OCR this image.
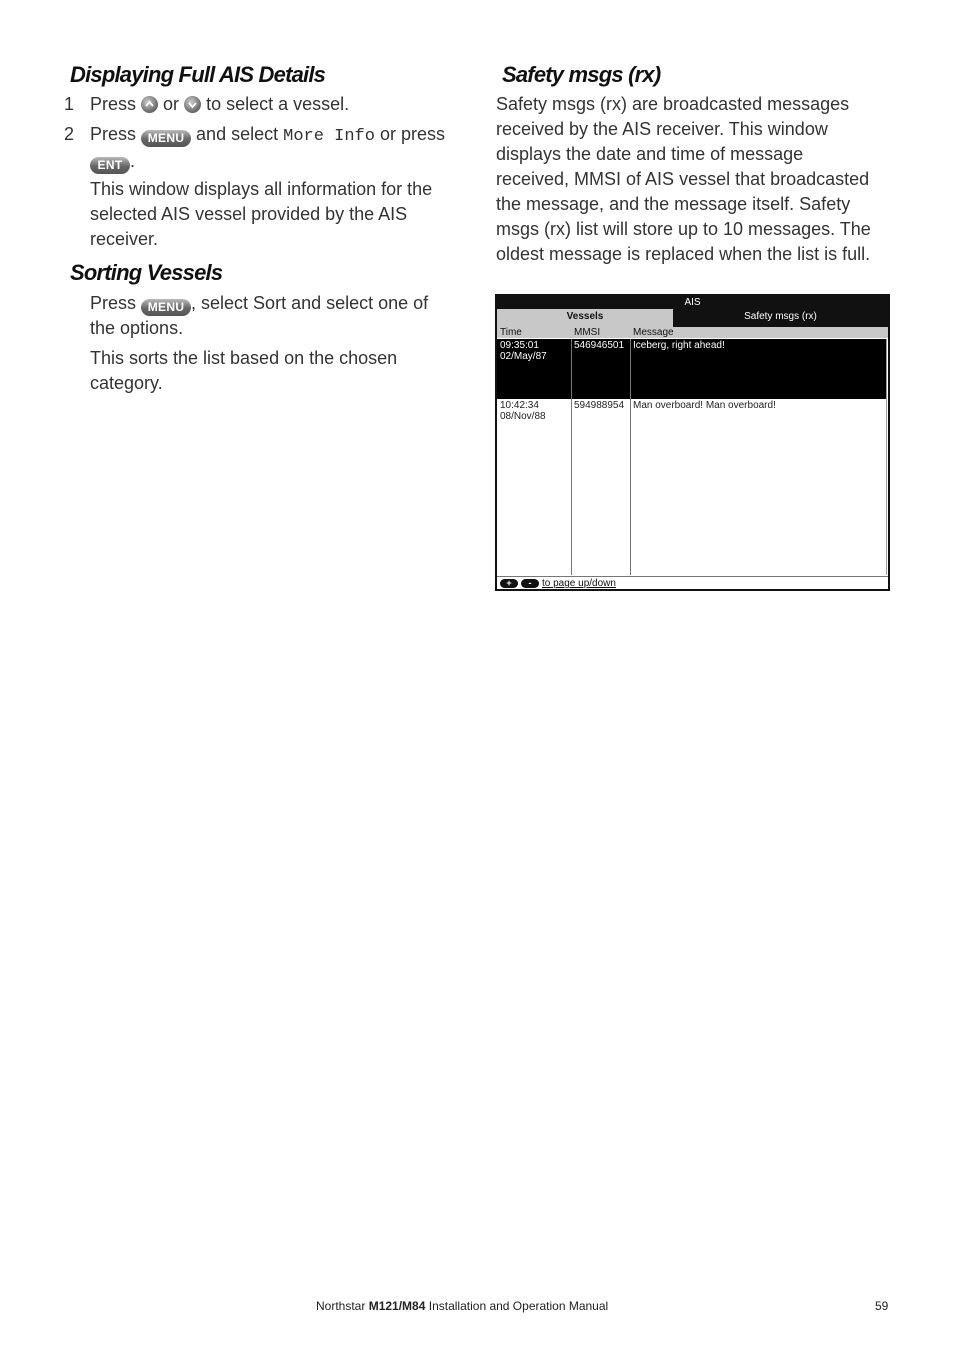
Displaying Full AIS Details
1 Press or to select a vessel.
2 Press MENU and select More Info or press
ENT .

This window displays all information for the selected AIS vessel provided by the AIS receiver.

Sorting Vessels

Press MENU , select Sort and select one of the options.

This sorts the list based on the chosen category.

Safety msgs (rx)

Safety msgs (rx) are broadcasted messages received by the AIS receiver. This window displays the date and time of message received, MMSI of AIS vessel that broadcasted the message, and the message itself. Safety msgs (rx) list will store up to 10 messages. The oldest message is replaced when the list is full.

AIS
Vessels	Safety msgs (rx)
Time	MMSI	Message
09:35:01
02/May/87
546946501 Iceberg, right ahead!
10:42:34
08/Nov/88
594988954 Man overboard! Man overboard!
+	-	to page up/down
Northstar M121/M84 Installation and Operation Manual	59
